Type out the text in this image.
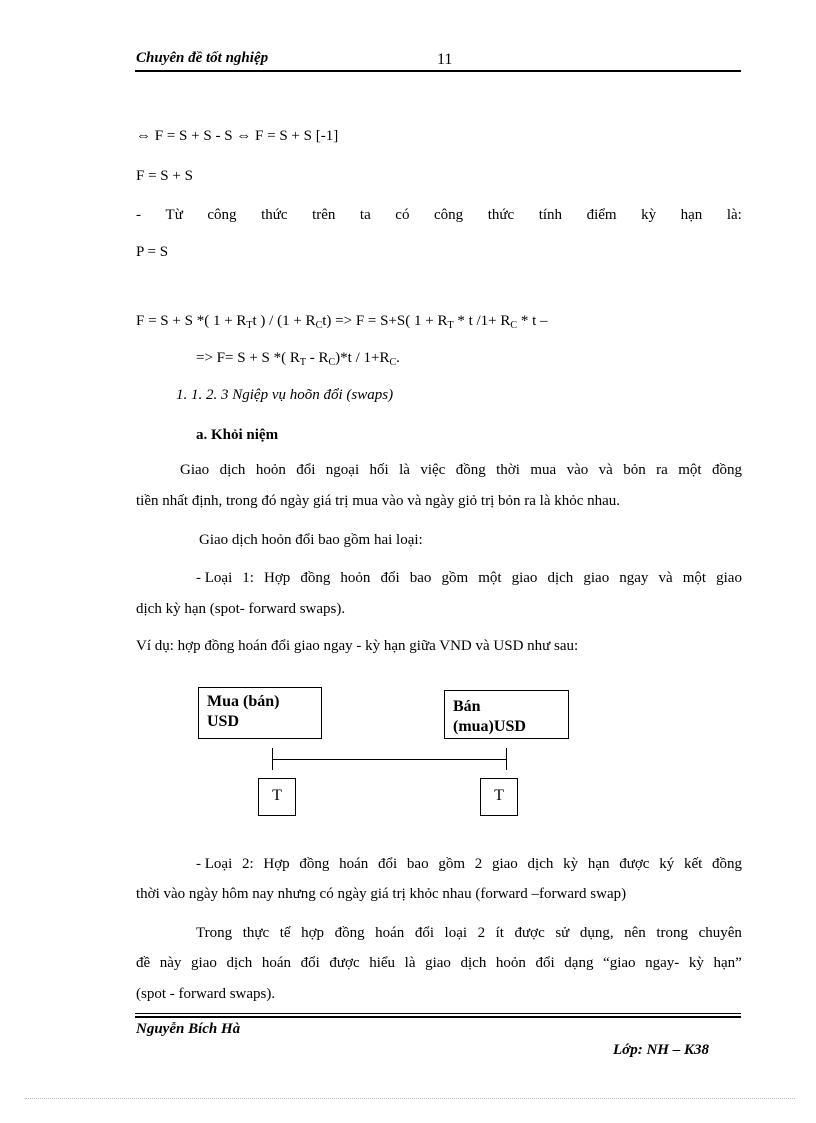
Chuyên đề tốt nghiệp	11
⇔ F = S + S - S ⇔ F = S + S [-1]
F = S + S
- Từ công thức trên ta có công thức tính điểm kỳ hạn là:
P = S
F = S + S *( $1 + R_Tt$ ) / $(1 + R_Ct) => F = S+S$( $1 + R_T * t$ $/1+ R_C * t$ –
=> F= S + S *( $R_T - R_C)*t / 1+R_C$.
1. 1. 2. 3 Ngiệp vụ hoõn đổi (swaps)
a. Khỏi niệm
Giao dịch hoỏn đổi ngoại hối là việc đồng thời mua vào và bỏn ra một đồng
tiền nhất định, trong đó ngày giá trị mua vào và ngày giỏ trị bỏn ra là khỏc nhau.
Giao dịch hoỏn đổi bao gồm hai loại:
- Loại 1: Hợp đồng hoỏn đổi bao gồm một giao dịch giao ngay và một giao
dịch kỳ hạn (spot- forward swaps).
Ví dụ: hợp đồng hoán đổi giao ngay - kỳ hạn giữa VND và USD như sau:
Mua (bán)
USD
Bán
(mua)USD
T	T
- Loại 2: Hợp đồng hoán đổi bao gồm 2 giao dịch kỳ hạn được ký kết đồng
thời vào ngày hôm nay nhưng có ngày giá trị khỏc nhau (forward –forward swap)
Trong thực tế hợp đồng hoán đổi loại 2 ít được sử dụng, nên trong chuyên
đề này giao dịch hoán đổi được hiểu là giao dịch hoỏn đổi dạng “giao ngay- kỳ hạn”
(spot - forward swaps).
Nguyễn Bích Hà
Lớp: NH – K38
